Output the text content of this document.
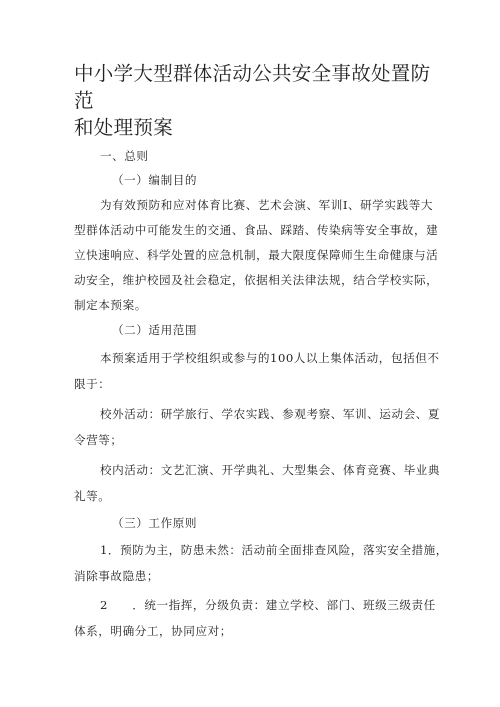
中小学大型群体活动公共安全事故处置防范
和处理预案
一、总则
（一）编制目的
为有效预防和应对体育比赛、艺术会演、军训I、研学实践等大
型群体活动中可能发生的交通、食品、踩踏、传染病等安全事故，建
立快速响应、科学处置的应急机制，最大限度保障师生生命健康与活
动安全，维护校园及社会稳定，依据相关法律法规，结合学校实际，
制定本预案。
（二）适用范围
本预案适用于学校组织或参与的100人以上集体活动，包括但不
限于：
校外活动：研学旅行、学农实践、参观考察、军训、运动会、夏
令营等；
校内活动：文艺汇演、开学典礼、大型集会、体育竞赛、毕业典
礼等。
（三）工作原则
1．预防为主，防患未然：活动前全面排查风险，落实安全措施，
消除事故隐患；
2　　．统一指挥，分级负责：建立学校、部门、班级三级责任
体系，明确分工，协同应对；
